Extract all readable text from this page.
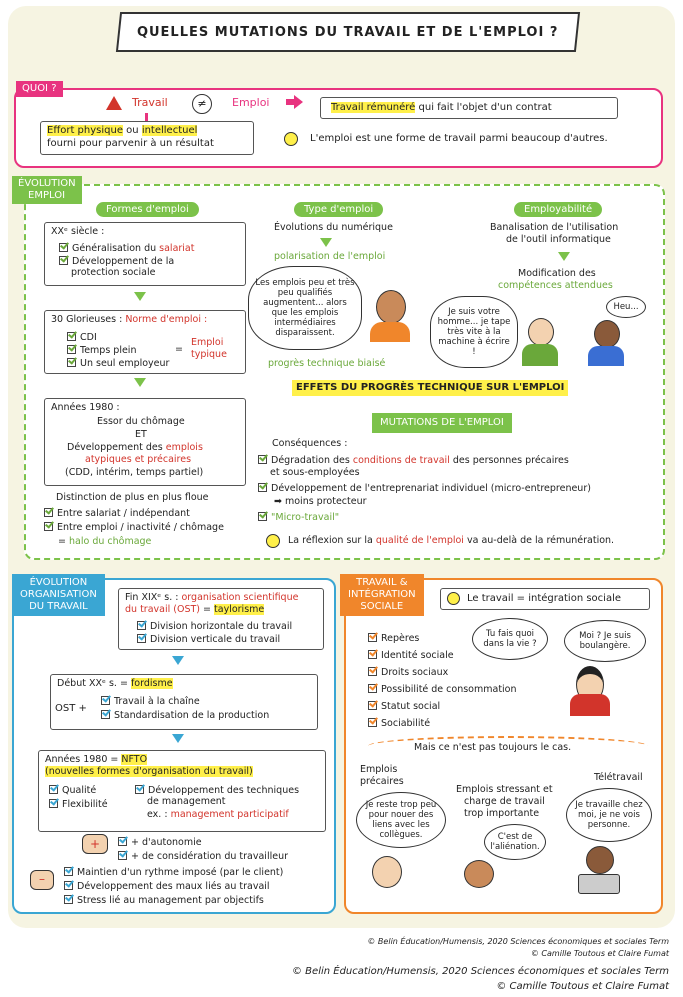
QUELLES MUTATIONS DU TRAVAIL ET DE L'EMPLOI ?
QUOI ?
Travail	≠	Emploi	Travail rémunéré qui fait l'objet d'un contrat
Effort physique ou intellectuel
fourni pour parvenir à un résultat	L'emploi est une forme de travail parmi beaucoup d'autres.
ÉVOLUTION
EMPLOI
Formes d'emploi
XXᵉ siècle :
Généralisation du salariat
Développement de la
protection sociale
30 Glorieuses : Norme d'emploi :
CDI
Temps plein
Un seul employeur
=
Emploi
typique
Années 1980 :
Essor du chômage
ET
Développement des emplois
atypiques et précaires
(CDD, intérim, temps partiel)
Distinction de plus en plus floue
Entre salariat / indépendant
Entre emploi / inactivité / chômage
= halo du chômage
Type d'emploi
Évolutions du numérique
polarisation de l'emploi
Les emplois peu et très peu qualifiés augmentent... alors que les emplois intermédiaires disparaissent.
progrès technique biaisé
Employabilité
Banalisation de l'utilisation
de l'outil informatique
Modification des
compétences attendues
Je suis votre homme... je tape très vite à la machine à écrire !
Heu...
EFFETS DU PROGRÈS TECHNIQUE SUR L'EMPLOI
MUTATIONS DE L'EMPLOI
Conséquences :
Dégradation des conditions de travail des personnes précaires
et sous-employées
Développement de l'entreprenariat individuel (micro-entrepreneur)
➡ moins protecteur
"Micro-travail"
La réflexion sur la qualité de l'emploi va au-delà de la rémunération.
ÉVOLUTION
ORGANISATION
DU TRAVAIL
Fin XIXᵉ s. : organisation scientifique
du travail (OST) = taylorisme
Division horizontale du travail
Division verticale du travail
Début XXᵉ s. = fordisme
OST +
Travail à la chaîne
Standardisation de la production
Années 1980 = NFTO
(nouvelles formes d'organisation du travail)
Qualité
Flexibilité
Développement des techniques
de management
ex. : management participatif
+	+ d'autonomie
+ de considération du travailleur
–	Maintien d'un rythme imposé (par le client)
Développement des maux liés au travail
Stress lié au management par objectifs
TRAVAIL &
INTÉGRATION
SOCIALE
Le travail = intégration sociale
Repères
Identité sociale
Droits sociaux
Possibilité de consommation
Statut social
Sociabilité
Tu fais quoi dans la vie ?
Moi ? Je suis boulangère.
Mais ce n'est pas toujours le cas.
Emplois
précaires
Je reste trop peu pour nouer des liens avec les collègues.
Emplois stressant et
charge de travail
trop importante
C'est de l'aliénation.
Télétravail
Je travaille chez moi, je ne vois personne.
© Belin Éducation/Humensis, 2020 Sciences économiques et sociales Term
© Camille Toutous et Claire Fumat
© Belin Éducation/Humensis, 2020 Sciences économiques et sociales Term
© Camille Toutous et Claire Fumat
